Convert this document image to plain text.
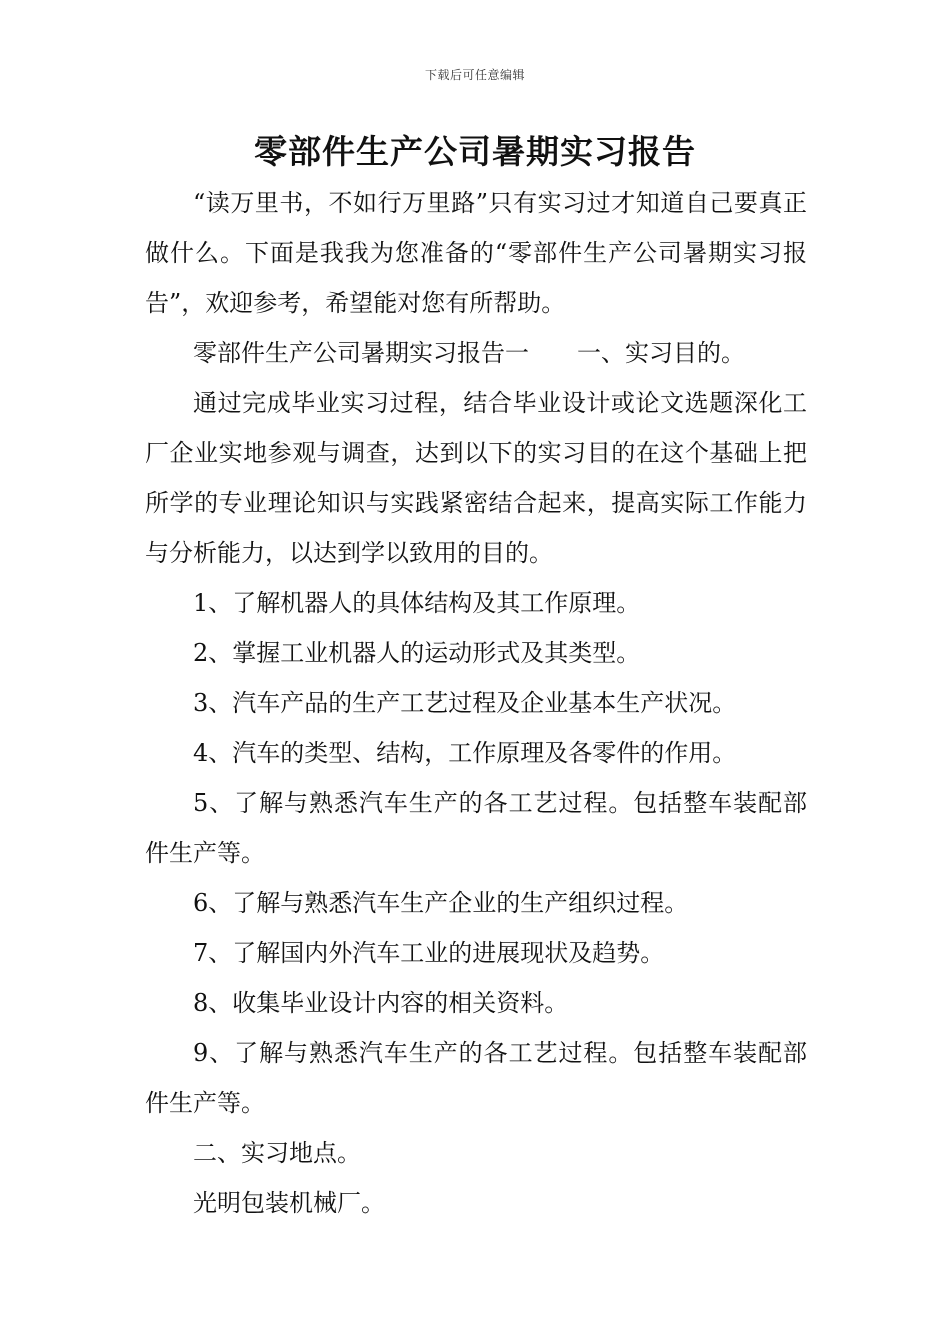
下载后可任意编辑
零部件生产公司暑期实习报告

“读万里书，不如行万里路”只有实习过才知道自己要真正做什么。下面是我我为您准备的“零部件生产公司暑期实习报告”，欢迎参考，希望能对您有所帮助。

零部件生产公司暑期实习报告一 一、实习目的。

通过完成毕业实习过程，结合毕业设计或论文选题深化工厂企业实地参观与调查，达到以下的实习目的在这个基础上把所学的专业理论知识与实践紧密结合起来，提高实际工作能力与分析能力，以达到学以致用的目的。

1、了解机器人的具体结构及其工作原理。

2、掌握工业机器人的运动形式及其类型。

3、汽车产品的生产工艺过程及企业基本生产状况。

4、汽车的类型、结构，工作原理及各零件的作用。

5、了解与熟悉汽车生产的各工艺过程。包括整车装配部件生产等。

6、了解与熟悉汽车生产企业的生产组织过程。

7、了解国内外汽车工业的进展现状及趋势。

8、收集毕业设计内容的相关资料。

9、了解与熟悉汽车生产的各工艺过程。包括整车装配部件生产等。

二、实习地点。

光明包装机械厂。
